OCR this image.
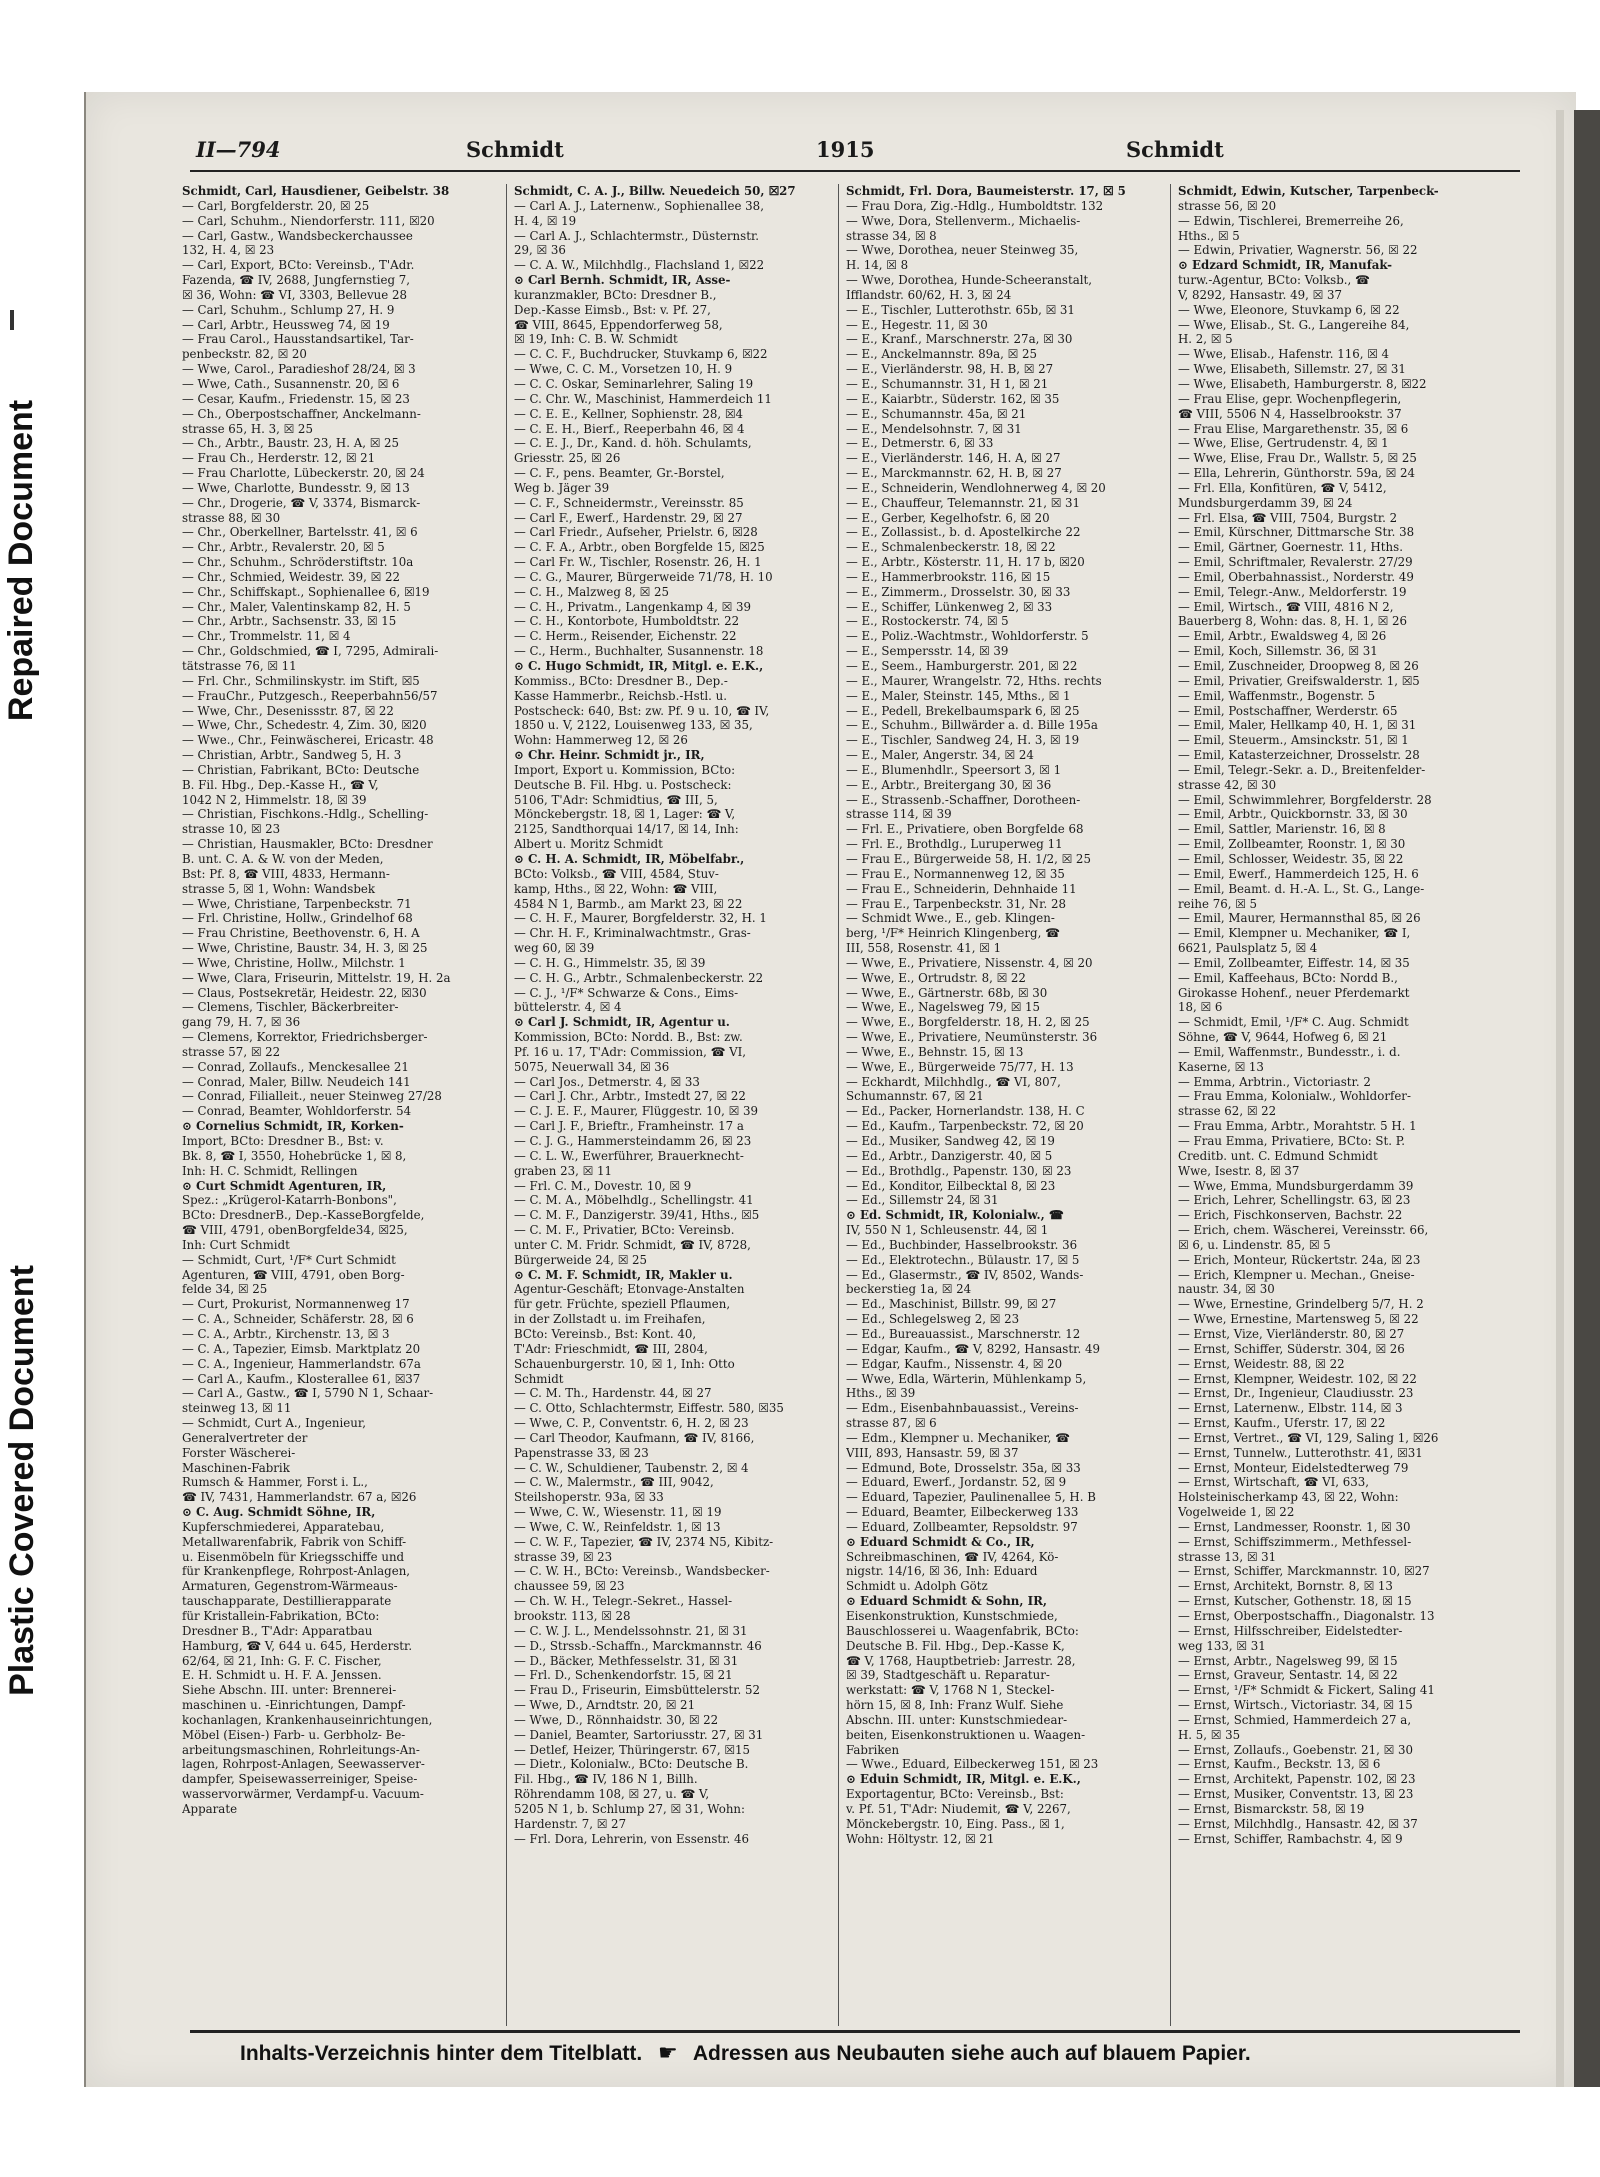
Repaired Document
Plastic Covered Document
II—794	Schmidt	1915	Schmidt

Schmidt, Carl, Hausdiener, Geibelstr. 38

— Carl, Borgfelderstr. 20, ☒ 25

— Carl, Schuhm., Niendorferstr. 111, ☒20

— Carl, Gastw., Wandsbeckerchaussee

132, H. 4, ☒ 23

— Carl, Export, BCto: Vereinsb., T'Adr.

Fazenda, ☎ IV, 2688, Jungfernstieg 7,

☒ 36, Wohn: ☎ VI, 3303, Bellevue 28

— Carl, Schuhm., Schlump 27, H. 9

— Carl, Arbtr., Heussweg 74, ☒ 19

— Frau Carol., Hausstandsartikel, Tar-

penbeckstr. 82, ☒ 20

— Wwe, Carol., Paradieshof 28/24, ☒ 3

— Wwe, Cath., Susannenstr. 20, ☒ 6

— Cesar, Kaufm., Friedenstr. 15, ☒ 23

— Ch., Oberpostschaffner, Anckelmann-

strasse 65, H. 3, ☒ 25

— Ch., Arbtr., Baustr. 23, H. A, ☒ 25

— Frau Ch., Herderstr. 12, ☒ 21

— Frau Charlotte, Lübeckerstr. 20, ☒ 24

— Wwe, Charlotte, Bundesstr. 9, ☒ 13

— Chr., Drogerie, ☎ V, 3374, Bismarck-

strasse 88, ☒ 30

— Chr., Oberkellner, Bartelsstr. 41, ☒ 6

— Chr., Arbtr., Revalerstr. 20, ☒ 5

— Chr., Schuhm., Schröderstiftstr. 10a

— Chr., Schmied, Weidestr. 39, ☒ 22

— Chr., Schiffskapt., Sophienallee 6, ☒19

— Chr., Maler, Valentinskamp 82, H. 5

— Chr., Arbtr., Sachsenstr. 33, ☒ 15

— Chr., Trommelstr. 11, ☒ 4

— Chr., Goldschmied, ☎ I, 7295, Admirali-

tätstrasse 76, ☒ 11

— Frl. Chr., Schmilinskystr. im Stift, ☒5

— FrauChr., Putzgesch., Reeperbahn56/57

— Wwe, Chr., Desenissstr. 87, ☒ 22

— Wwe, Chr., Schedestr. 4, Zim. 30, ☒20

— Wwe., Chr., Feinwäscherei, Ericastr. 48

— Christian, Arbtr., Sandweg 5, H. 3

— Christian, Fabrikant, BCto: Deutsche

B. Fil. Hbg., Dep.-Kasse H., ☎ V,

1042 N 2, Himmelstr. 18, ☒ 39

— Christian, Fischkons.-Hdlg., Schelling-

strasse 10, ☒ 23

— Christian, Hausmakler, BCto: Dresdner

B. unt. C. A. & W. von der Meden,

Bst: Pf. 8, ☎ VIII, 4833, Hermann-

strasse 5, ☒ 1, Wohn: Wandsbek

— Wwe, Christiane, Tarpenbeckstr. 71

— Frl. Christine, Hollw., Grindelhof 68

— Frau Christine, Beethovenstr. 6, H. A

— Wwe, Christine, Baustr. 34, H. 3, ☒ 25

— Wwe, Christine, Hollw., Milchstr. 1

— Wwe, Clara, Friseurin, Mittelstr. 19, H. 2a

— Claus, Postsekretär, Heidestr. 22, ☒30

— Clemens, Tischler, Bäckerbreiter-

gang 79, H. 7, ☒ 36

— Clemens, Korrektor, Friedrichsberger-

strasse 57, ☒ 22

— Conrad, Zollaufs., Menckesallee 21

— Conrad, Maler, Billw. Neudeich 141

— Conrad, Filialleit., neuer Steinweg 27/28

— Conrad, Beamter, Wohldorferstr. 54

⊙ Cornelius Schmidt, IR, Korken-

Import, BCto: Dresdner B., Bst: v.

Bk. 8, ☎ I, 3550, Hohebrücke 1, ☒ 8,

Inh: H. C. Schmidt, Rellingen

⊙ Curt Schmidt Agenturen, IR,

Spez.: „Krügerol-Katarrh-Bonbons",

BCto: DresdnerB., Dep.-KasseBorgfelde,

☎ VIII, 4791, obenBorgfelde34, ☒25,

Inh: Curt Schmidt

— Schmidt, Curt, ¹/F* Curt Schmidt

Agenturen, ☎ VIII, 4791, oben Borg-

felde 34, ☒ 25

— Curt, Prokurist, Normannenweg 17

— C. A., Schneider, Schäferstr. 28, ☒ 6

— C. A., Arbtr., Kirchenstr. 13, ☒ 3

— C. A., Tapezier, Eimsb. Marktplatz 20

— C. A., Ingenieur, Hammerlandstr. 67a

— Carl A., Kaufm., Klosterallee 61, ☒37

— Carl A., Gastw., ☎ I, 5790 N 1, Schaar-

steinweg 13, ☒ 11

— Schmidt, Curt A., Ingenieur,

Generalvertreter der

Forster Wäscherei-

Maschinen-Fabrik

Rumsch & Hammer, Forst i. L.,

☎ IV, 7431, Hammerlandstr. 67 a, ☒26

⊙ C. Aug. Schmidt Söhne, IR,

Kupferschmiederei, Apparatebau,

Metallwarenfabrik, Fabrik von Schiff-

u. Eisenmöbeln für Kriegsschiffe und

für Krankenpflege, Rohrpost-Anlagen,

Armaturen, Gegenstrom-Wärmeaus-

tauschapparate, Destillierapparate

für Kristallein-Fabrikation, BCto:

Dresdner B., T'Adr: Apparatbau

Hamburg, ☎ V, 644 u. 645, Herderstr.

62/64, ☒ 21, Inh: G. F. C. Fischer,

E. H. Schmidt u. H. F. A. Jenssen.

Siehe Abschn. III. unter: Brennerei-

maschinen u. -Einrichtungen, Dampf-

kochanlagen, Krankenhauseinrichtungen,

Möbel (Eisen-) Farb- u. Gerbholz- Be-

arbeitungsmaschinen, Rohrleitungs-An-

lagen, Rohrpost-Anlagen, Seewasserver-

dampfer, Speisewasserreiniger, Speise-

wasservorwärmer, Verdampf-u. Vacuum-

Apparate

Schmidt, C. A. J., Billw. Neuedeich 50, ☒27

— Carl A. J., Laternenw., Sophienallee 38,

H. 4, ☒ 19

— Carl A. J., Schlachtermstr., Düsternstr.

29, ☒ 36

— C. A. W., Milchhdlg., Flachsland 1, ☒22

⊙ Carl Bernh. Schmidt, IR, Asse-

kuranzmakler, BCto: Dresdner B.,

Dep.-Kasse Eimsb., Bst: v. Pf. 27,

☎ VIII, 8645, Eppendorferweg 58,

☒ 19, Inh: C. B. W. Schmidt

— C. C. F., Buchdrucker, Stuvkamp 6, ☒22

— Wwe, C. C. M., Vorsetzen 10, H. 9

— C. C. Oskar, Seminarlehrer, Saling 19

— C. Chr. W., Maschinist, Hammerdeich 11

— C. E. E., Kellner, Sophienstr. 28, ☒4

— C. E. H., Bierf., Reeperbahn 46, ☒ 4

— C. E. J., Dr., Kand. d. höh. Schulamts,

Griesstr. 25, ☒ 26

— C. F., pens. Beamter, Gr.-Borstel,

Weg b. Jäger 39

— C. F., Schneidermstr., Vereinsstr. 85

— Carl F., Ewerf., Hardenstr. 29, ☒ 27

— Carl Friedr., Aufseher, Prielstr. 6, ☒28

— C. F. A., Arbtr., oben Borgfelde 15, ☒25

— Carl Fr. W., Tischler, Rosenstr. 26, H. 1

— C. G., Maurer, Bürgerweide 71/78, H. 10

— C. H., Malzweg 8, ☒ 25

— C. H., Privatm., Langenkamp 4, ☒ 39

— C. H., Kontorbote, Humboldtstr. 22

— C. Herm., Reisender, Eichenstr. 22

— C., Herm., Buchhalter, Susannenstr. 18

⊙ C. Hugo Schmidt, IR, Mitgl. e. E.K.,

Kommiss., BCto: Dresdner B., Dep.-

Kasse Hammerbr., Reichsb.-Hstl. u.

Postscheck: 640, Bst: zw. Pf. 9 u. 10, ☎ IV,

1850 u. V, 2122, Louisenweg 133, ☒ 35,

Wohn: Hammerweg 12, ☒ 26

⊙ Chr. Heinr. Schmidt jr., IR,

Import, Export u. Kommission, BCto:

Deutsche B. Fil. Hbg. u. Postscheck:

5106, T'Adr: Schmidtius, ☎ III, 5,

Mönckebergstr. 18, ☒ 1, Lager: ☎ V,

2125, Sandthorquai 14/17, ☒ 14, Inh:

Albert u. Moritz Schmidt

⊙ C. H. A. Schmidt, IR, Möbelfabr.,

BCto: Volksb., ☎ VIII, 4584, Stuv-

kamp, Hths., ☒ 22, Wohn: ☎ VIII,

4584 N 1, Barmb., am Markt 23, ☒ 22

— C. H. F., Maurer, Borgfelderstr. 32, H. 1

— Chr. H. F., Kriminalwachtmstr., Gras-

weg 60, ☒ 39

— C. H. G., Himmelstr. 35, ☒ 39

— C. H. G., Arbtr., Schmalenbeckerstr. 22

— C. J., ¹/F* Schwarze & Cons., Eims-

büttelerstr. 4, ☒ 4

⊙ Carl J. Schmidt, IR, Agentur u.

Kommission, BCto: Nordd. B., Bst: zw.

Pf. 16 u. 17, T'Adr: Commission, ☎ VI,

5075, Neuerwall 34, ☒ 36

— Carl Jos., Detmerstr. 4, ☒ 33

— Carl J. Chr., Arbtr., Imstedt 27, ☒ 22

— C. J. E. F., Maurer, Flüggestr. 10, ☒ 39

— Carl J. F., Brieftr., Framheinstr. 17 a

— C. J. G., Hammersteindamm 26, ☒ 23

— C. L. W., Ewerführer, Brauerknecht-

graben 23, ☒ 11

— Frl. C. M., Dovestr. 10, ☒ 9

— C. M. A., Möbelhdlg., Schellingstr. 41

— C. M. F., Danzigerstr. 39/41, Hths., ☒5

— C. M. F., Privatier, BCto: Vereinsb.

unter C. M. Fridr. Schmidt, ☎ IV, 8728,

Bürgerweide 24, ☒ 25

⊙ C. M. F. Schmidt, IR, Makler u.

Agentur-Geschäft; Etonvage-Anstalten

für getr. Früchte, speziell Pflaumen,

in der Zollstadt u. im Freihafen,

BCto: Vereinsb., Bst: Kont. 40,

T'Adr: Frieschmidt, ☎ III, 2804,

Schauenburgerstr. 10, ☒ 1, Inh: Otto

Schmidt

— C. M. Th., Hardenstr. 44, ☒ 27

— C. Otto, Schlachtermstr, Eiffestr. 580, ☒35

— Wwe, C. P., Conventstr. 6, H. 2, ☒ 23

— Carl Theodor, Kaufmann, ☎ IV, 8166,

Papenstrasse 33, ☒ 23

— C. W., Schuldiener, Taubenstr. 2, ☒ 4

— C. W., Malermstr., ☎ III, 9042,

Steilshoperstr. 93a, ☒ 33

— Wwe, C. W., Wiesenstr. 11, ☒ 19

— Wwe, C. W., Reinfeldstr. 1, ☒ 13

— C. W. F., Tapezier, ☎ IV, 2374 N5, Kibitz-

strasse 39, ☒ 23

— C. W. H., BCto: Vereinsb., Wandsbecker-

chaussee 59, ☒ 23

— Ch. W. H., Telegr.-Sekret., Hassel-

brookstr. 113, ☒ 28

— C. W. J. L., Mendelssohnstr. 21, ☒ 31

— D., Strssb.-Schaffn., Marckmannstr. 46

— D., Bäcker, Methfesselstr. 31, ☒ 31

— Frl. D., Schenkendorfstr. 15, ☒ 21

— Frau D., Friseurin, Eimsbüttelerstr. 52

— Wwe, D., Arndtstr. 20, ☒ 21

— Wwe, D., Rönnhaidstr. 30, ☒ 22

— Daniel, Beamter, Sartoriusstr. 27, ☒ 31

— Detlef, Heizer, Thüringerstr. 67, ☒15

— Dietr., Kolonialw., BCto: Deutsche B.

Fil. Hbg., ☎ IV, 186 N 1, Billh.

Röhrendamm 108, ☒ 27, u. ☎ V,

5205 N 1, b. Schlump 27, ☒ 31, Wohn:

Hardenstr. 7, ☒ 27

— Frl. Dora, Lehrerin, von Essenstr. 46

Schmidt, Frl. Dora, Baumeisterstr. 17, ☒ 5

— Frau Dora, Zig.-Hdlg., Humboldtstr. 132

— Wwe, Dora, Stellenverm., Michaelis-

strasse 34, ☒ 8

— Wwe, Dorothea, neuer Steinweg 35,

H. 14, ☒ 8

— Wwe, Dorothea, Hunde-Scheeranstalt,

Ifflandstr. 60/62, H. 3, ☒ 24

— E., Tischler, Lutterothstr. 65b, ☒ 31

— E., Hegestr. 11, ☒ 30

— E., Kranf., Marschnerstr. 27a, ☒ 30

— E., Anckelmannstr. 89a, ☒ 25

— E., Vierländerstr. 98, H. B, ☒ 27

— E., Schumannstr. 31, H 1, ☒ 21

— E., Kaiarbtr., Süderstr. 162, ☒ 35

— E., Schumannstr. 45a, ☒ 21

— E., Mendelsohnstr. 7, ☒ 31

— E., Detmerstr. 6, ☒ 33

— E., Vierländerstr. 146, H. A, ☒ 27

— E., Marckmannstr. 62, H. B, ☒ 27

— E., Schneiderin, Wendlohnerweg 4, ☒ 20

— E., Chauffeur, Telemannstr. 21, ☒ 31

— E., Gerber, Kegelhofstr. 6, ☒ 20

— E., Zollassist., b. d. Apostelkirche 22

— E., Schmalenbeckerstr. 18, ☒ 22

— E., Arbtr., Kösterstr. 11, H. 17 b, ☒20

— E., Hammerbrookstr. 116, ☒ 15

— E., Zimmerm., Drosselstr. 30, ☒ 33

— E., Schiffer, Lünkenweg 2, ☒ 33

— E., Rostockerstr. 74, ☒ 5

— E., Poliz.-Wachtmstr., Wohldorferstr. 5

— E., Sempersstr. 14, ☒ 39

— E., Seem., Hamburgerstr. 201, ☒ 22

— E., Maurer, Wrangelstr. 72, Hths. rechts

— E., Maler, Steinstr. 145, Mths., ☒ 1

— E., Pedell, Brekelbaumspark 6, ☒ 25

— E., Schuhm., Billwärder a. d. Bille 195a

— E., Tischler, Sandweg 24, H. 3, ☒ 19

— E., Maler, Angerstr. 34, ☒ 24

— E., Blumenhdlr., Speersort 3, ☒ 1

— E., Arbtr., Breitergang 30, ☒ 36

— E., Strassenb.-Schaffner, Dorotheen-

strasse 114, ☒ 39

— Frl. E., Privatiere, oben Borgfelde 68

— Frl. E., Brothdlg., Luruperweg 11

— Frau E., Bürgerweide 58, H. 1/2, ☒ 25

— Frau E., Normannenweg 12, ☒ 35

— Frau E., Schneiderin, Dehnhaide 11

— Frau E., Tarpenbeckstr. 31, Nr. 28

— Schmidt Wwe., E., geb. Klingen-

berg, ¹/F* Heinrich Klingenberg, ☎

III, 558, Rosenstr. 41, ☒ 1

— Wwe, E., Privatiere, Nissenstr. 4, ☒ 20

— Wwe, E., Ortrudstr. 8, ☒ 22

— Wwe, E., Gärtnerstr. 68b, ☒ 30

— Wwe, E., Nagelsweg 79, ☒ 15

— Wwe, E., Borgfelderstr. 18, H. 2, ☒ 25

— Wwe, E., Privatiere, Neumünsterstr. 36

— Wwe, E., Behnstr. 15, ☒ 13

— Wwe, E., Bürgerweide 75/77, H. 13

— Eckhardt, Milchhdlg., ☎ VI, 807,

Schumannstr. 67, ☒ 21

— Ed., Packer, Hornerlandstr. 138, H. C

— Ed., Kaufm., Tarpenbeckstr. 72, ☒ 20

— Ed., Musiker, Sandweg 42, ☒ 19

— Ed., Arbtr., Danzigerstr. 40, ☒ 5

— Ed., Brothdlg., Papenstr. 130, ☒ 23

— Ed., Konditor, Eilbecktal 8, ☒ 23

— Ed., Sillemstr 24, ☒ 31

⊙ Ed. Schmidt, IR, Kolonialw., ☎

IV, 550 N 1, Schleusenstr. 44, ☒ 1

— Ed., Buchbinder, Hasselbrookstr. 36

— Ed., Elektrotechn., Bülaustr. 17, ☒ 5

— Ed., Glasermstr., ☎ IV, 8502, Wands-

beckerstieg 1a, ☒ 24

— Ed., Maschinist, Billstr. 99, ☒ 27

— Ed., Schlegelsweg 2, ☒ 23

— Ed., Bureauassist., Marschnerstr. 12

— Edgar, Kaufm., ☎ V, 8292, Hansastr. 49

— Edgar, Kaufm., Nissenstr. 4, ☒ 20

— Wwe, Edla, Wärterin, Mühlenkamp 5,

Hths., ☒ 39

— Edm., Eisenbahnbauassist., Vereins-

strasse 87, ☒ 6

— Edm., Klempner u. Mechaniker, ☎

VIII, 893, Hansastr. 59, ☒ 37

— Edmund, Bote, Drosselstr. 35a, ☒ 33

— Eduard, Ewerf., Jordanstr. 52, ☒ 9

— Eduard, Tapezier, Paulinenallee 5, H. B

— Eduard, Beamter, Eilbeckerweg 133

— Eduard, Zollbeamter, Repsoldstr. 97

⊙ Eduard Schmidt & Co., IR,

Schreibmaschinen, ☎ IV, 4264, Kö-

nigstr. 14/16, ☒ 36, Inh: Eduard

Schmidt u. Adolph Götz

⊙ Eduard Schmidt & Sohn, IR,

Eisenkonstruktion, Kunstschmiede,

Bauschlosserei u. Waagenfabrik, BCto:

Deutsche B. Fil. Hbg., Dep.-Kasse K,

☎ V, 1768, Hauptbetrieb: Jarrestr. 28,

☒ 39, Stadtgeschäft u. Reparatur-

werkstatt: ☎ V, 1768 N 1, Steckel-

hörn 15, ☒ 8, Inh: Franz Wulf. Siehe

Abschn. III. unter: Kunstschmiedear-

beiten, Eisenkonstruktionen u. Waagen-

Fabriken

— Wwe., Eduard, Eilbeckerweg 151, ☒ 23

⊙ Eduin Schmidt, IR, Mitgl. e. E.K.,

Exportagentur, BCto: Vereinsb., Bst:

v. Pf. 51, T'Adr: Niudemit, ☎ V, 2267,

Mönckebergstr. 10, Eing. Pass., ☒ 1,

Wohn: Höltystr. 12, ☒ 21

Schmidt, Edwin, Kutscher, Tarpenbeck-

strasse 56, ☒ 20

— Edwin, Tischlerei, Bremerreihe 26,

Hths., ☒ 5

— Edwin, Privatier, Wagnerstr. 56, ☒ 22

⊙ Edzard Schmidt, IR, Manufak-

turw.-Agentur, BCto: Volksb., ☎

V, 8292, Hansastr. 49, ☒ 37

— Wwe, Eleonore, Stuvkamp 6, ☒ 22

— Wwe, Elisab., St. G., Langereihe 84,

H. 2, ☒ 5

— Wwe, Elisab., Hafenstr. 116, ☒ 4

— Wwe, Elisabeth, Sillemstr. 27, ☒ 31

— Wwe, Elisabeth, Hamburgerstr. 8, ☒22

— Frau Elise, gepr. Wochenpflegerin,

☎ VIII, 5506 N 4, Hasselbrookstr. 37

— Frau Elise, Margarethenstr. 35, ☒ 6

— Wwe, Elise, Gertrudenstr. 4, ☒ 1

— Wwe, Elise, Frau Dr., Wallstr. 5, ☒ 25

— Ella, Lehrerin, Günthorstr. 59a, ☒ 24

— Frl. Ella, Konfitüren, ☎ V, 5412,

Mundsburgerdamm 39, ☒ 24

— Frl. Elsa, ☎ VIII, 7504, Burgstr. 2

— Emil, Kürschner, Dittmarsche Str. 38

— Emil, Gärtner, Goernestr. 11, Hths.

— Emil, Schriftmaler, Revalerstr. 27/29

— Emil, Oberbahnassist., Norderstr. 49

— Emil, Telegr.-Anw., Meldorferstr. 19

— Emil, Wirtsch., ☎ VIII, 4816 N 2,

Bauerberg 8, Wohn: das. 8, H. 1, ☒ 26

— Emil, Arbtr., Ewaldsweg 4, ☒ 26

— Emil, Koch, Sillemstr. 36, ☒ 31

— Emil, Zuschneider, Droopweg 8, ☒ 26

— Emil, Privatier, Greifswalderstr. 1, ☒5

— Emil, Waffenmstr., Bogenstr. 5

— Emil, Postschaffner, Werderstr. 65

— Emil, Maler, Hellkamp 40, H. 1, ☒ 31

— Emil, Steuerm., Amsinckstr. 51, ☒ 1

— Emil, Katasterzeichner, Drosselstr. 28

— Emil, Telegr.-Sekr. a. D., Breitenfelder-

strasse 42, ☒ 30

— Emil, Schwimmlehrer, Borgfelderstr. 28

— Emil, Arbtr., Quickbornstr. 33, ☒ 30

— Emil, Sattler, Marienstr. 16, ☒ 8

— Emil, Zollbeamter, Roonstr. 1, ☒ 30

— Emil, Schlosser, Weidestr. 35, ☒ 22

— Emil, Ewerf., Hammerdeich 125, H. 6

— Emil, Beamt. d. H.-A. L., St. G., Lange-

reihe 76, ☒ 5

— Emil, Maurer, Hermannsthal 85, ☒ 26

— Emil, Klempner u. Mechaniker, ☎ I,

6621, Paulsplatz 5, ☒ 4

— Emil, Zollbeamter, Eiffestr. 14, ☒ 35

— Emil, Kaffeehaus, BCto: Nordd B.,

Girokasse Hohenf., neuer Pferdemarkt

18, ☒ 6

— Schmidt, Emil, ¹/F* C. Aug. Schmidt

Söhne, ☎ V, 9644, Hofweg 6, ☒ 21

— Emil, Waffenmstr., Bundesstr., i. d.

Kaserne, ☒ 13

— Emma, Arbtrin., Victoriastr. 2

— Frau Emma, Kolonialw., Wohldorfer-

strasse 62, ☒ 22

— Frau Emma, Arbtr., Morahtstr. 5 H. 1

— Frau Emma, Privatiere, BCto: St. P.

Creditb. unt. C. Edmund Schmidt

Wwe, Isestr. 8, ☒ 37

— Wwe, Emma, Mundsburgerdamm 39

— Erich, Lehrer, Schellingstr. 63, ☒ 23

— Erich, Fischkonserven, Bachstr. 22

— Erich, chem. Wäscherei, Vereinsstr. 66,

☒ 6, u. Lindenstr. 85, ☒ 5

— Erich, Monteur, Rückertstr. 24a, ☒ 23

— Erich, Klempner u. Mechan., Gneise-

naustr. 34, ☒ 30

— Wwe, Ernestine, Grindelberg 5/7, H. 2

— Wwe, Ernestine, Martensweg 5, ☒ 22

— Ernst, Vize, Vierländerstr. 80, ☒ 27

— Ernst, Schiffer, Süderstr. 304, ☒ 26

— Ernst, Weidestr. 88, ☒ 22

— Ernst, Klempner, Weidestr. 102, ☒ 22

— Ernst, Dr., Ingenieur, Claudiusstr. 23

— Ernst, Laternenw., Elbstr. 114, ☒ 3

— Ernst, Kaufm., Uferstr. 17, ☒ 22

— Ernst, Vertret., ☎ VI, 129, Saling 1, ☒26

— Ernst, Tunnelw., Lutterothstr. 41, ☒31

— Ernst, Monteur, Eidelstedterweg 79

— Ernst, Wirtschaft, ☎ VI, 633,

Holsteinischerkamp 43, ☒ 22, Wohn:

Vogelweide 1, ☒ 22

— Ernst, Landmesser, Roonstr. 1, ☒ 30

— Ernst, Schiffszimmerm., Methfessel-

strasse 13, ☒ 31

— Ernst, Schiffer, Marckmannstr. 10, ☒27

— Ernst, Architekt, Bornstr. 8, ☒ 13

— Ernst, Kutscher, Gothenstr. 18, ☒ 15

— Ernst, Oberpostschaffn., Diagonalstr. 13

— Ernst, Hilfsschreiber, Eidelstedter-

weg 133, ☒ 31

— Ernst, Arbtr., Nagelsweg 99, ☒ 15

— Ernst, Graveur, Sentastr. 14, ☒ 22

— Ernst, ¹/F* Schmidt & Fickert, Saling 41

— Ernst, Wirtsch., Victoriastr. 34, ☒ 15

— Ernst, Schmied, Hammerdeich 27 a,

H. 5, ☒ 35

— Ernst, Zollaufs., Goebenstr. 21, ☒ 30

— Ernst, Kaufm., Beckstr. 13, ☒ 6

— Ernst, Architekt, Papenstr. 102, ☒ 23

— Ernst, Musiker, Conventstr. 13, ☒ 23

— Ernst, Bismarckstr. 58, ☒ 19

— Ernst, Milchhdlg., Hansastr. 42, ☒ 37

— Ernst, Schiffer, Rambachstr. 4, ☒ 9

Inhalts-Verzeichnis hinter dem Titelblatt. ☛ Adressen aus Neubauten siehe auch auf blauem Papier.
